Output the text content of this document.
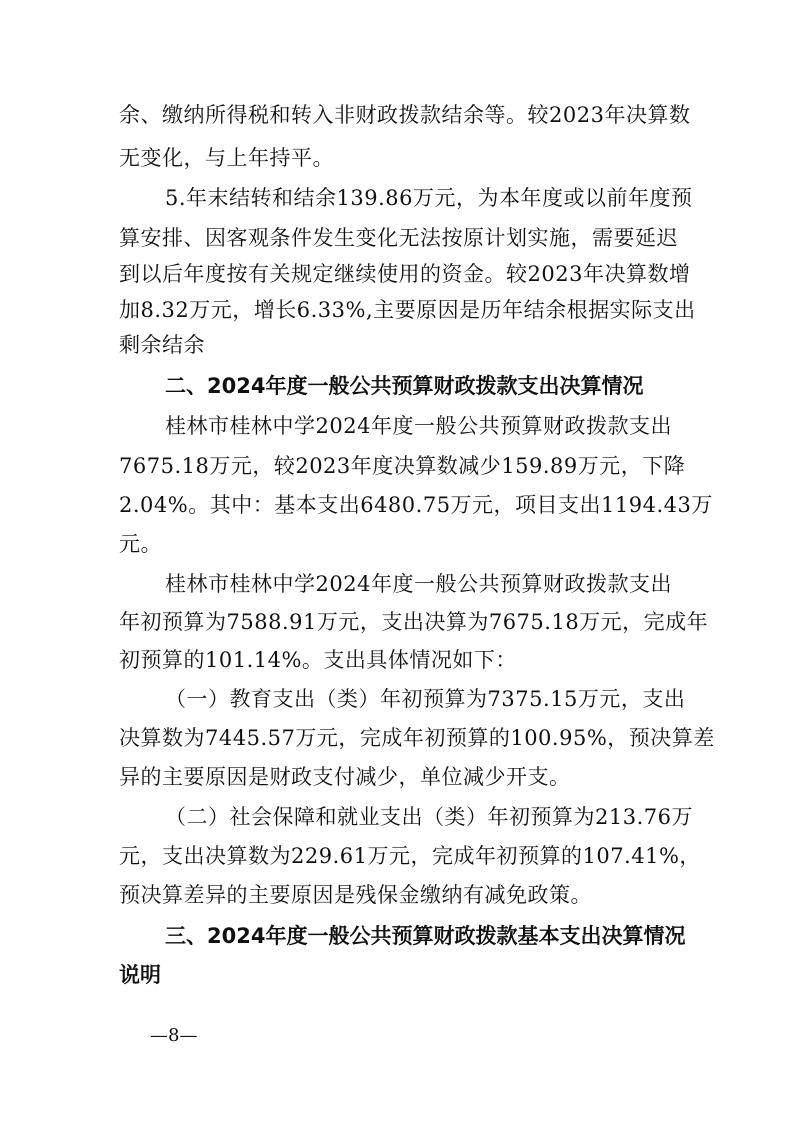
余、缴纳所得税和转入非财政拨款结余等。较2023年决算数
无变化，与上年持平。
5.年末结转和结余139.86万元，为本年度或以前年度预
算安排、因客观条件发生变化无法按原计划实施，需要延迟
到以后年度按有关规定继续使用的资金。较2023年决算数增
加8.32万元，增长6.33%,主要原因是历年结余根据实际支出
剩余结余
二、2024年度一般公共预算财政拨款支出决算情况
桂林市桂林中学2024年度一般公共预算财政拨款支出
7675.18万元，较2023年度决算数减少159.89万元，下降
2.04%。其中：基本支出6480.75万元，项目支出1194.43万
元。
桂林市桂林中学2024年度一般公共预算财政拨款支出
年初预算为7588.91万元，支出决算为7675.18万元，完成年
初预算的101.14%。支出具体情况如下：
（一）教育支出（类）年初预算为7375.15万元，支出
决算数为7445.57万元，完成年初预算的100.95%，预决算差
异的主要原因是财政支付减少，单位减少开支。
（二）社会保障和就业支出（类）年初预算为213.76万
元，支出决算数为229.61万元，完成年初预算的107.41%，
预决算差异的主要原因是残保金缴纳有减免政策。
三、2024年度一般公共预算财政拨款基本支出决算情况
说明
—8—
